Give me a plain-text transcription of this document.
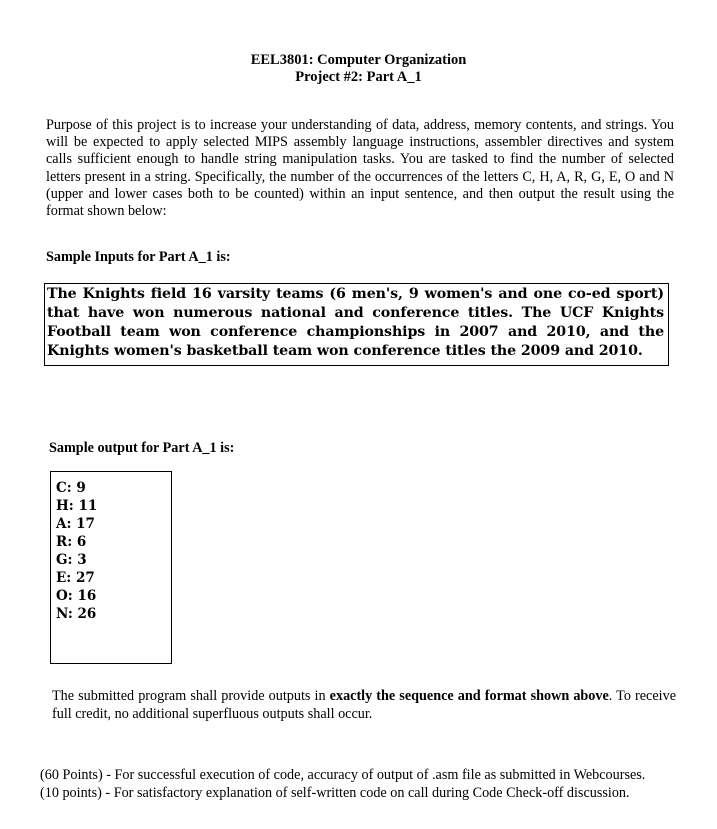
EEL3801: Computer Organization
Project #2: Part A_1

Purpose of this project is to increase your understanding of data, address, memory contents, and strings. You will be expected to apply selected MIPS assembly language instructions, assembler directives and system calls sufficient enough to handle string manipulation tasks. You are tasked to find the number of selected letters present in a string. Specifically, the number of the occurrences of the letters C, H, A, R, G, E, O and N (upper and lower cases both to be counted) within an input sentence, and then output the result using the format shown below:

Sample Inputs for Part A_1 is:
The Knights field 16 varsity teams (6 men's, 9 women's and one co-ed sport) that have won numerous national and conference titles. The UCF Knights Football team won conference championships in 2007 and 2010, and the Knights women's basketball team won conference titles the 2009 and 2010.
Sample output for Part A_1 is:
C: 9
H: 11
A: 17
R: 6
G: 3
E: 27
O: 16
N: 26

The submitted program shall provide outputs in exactly the sequence and format shown above. To receive full credit, no additional superfluous outputs shall occur.

(60 Points) - For successful execution of code, accuracy of output of .asm file as submitted in Webcourses.
(10 points) - For satisfactory explanation of self-written code on call during Code Check-off discussion.
